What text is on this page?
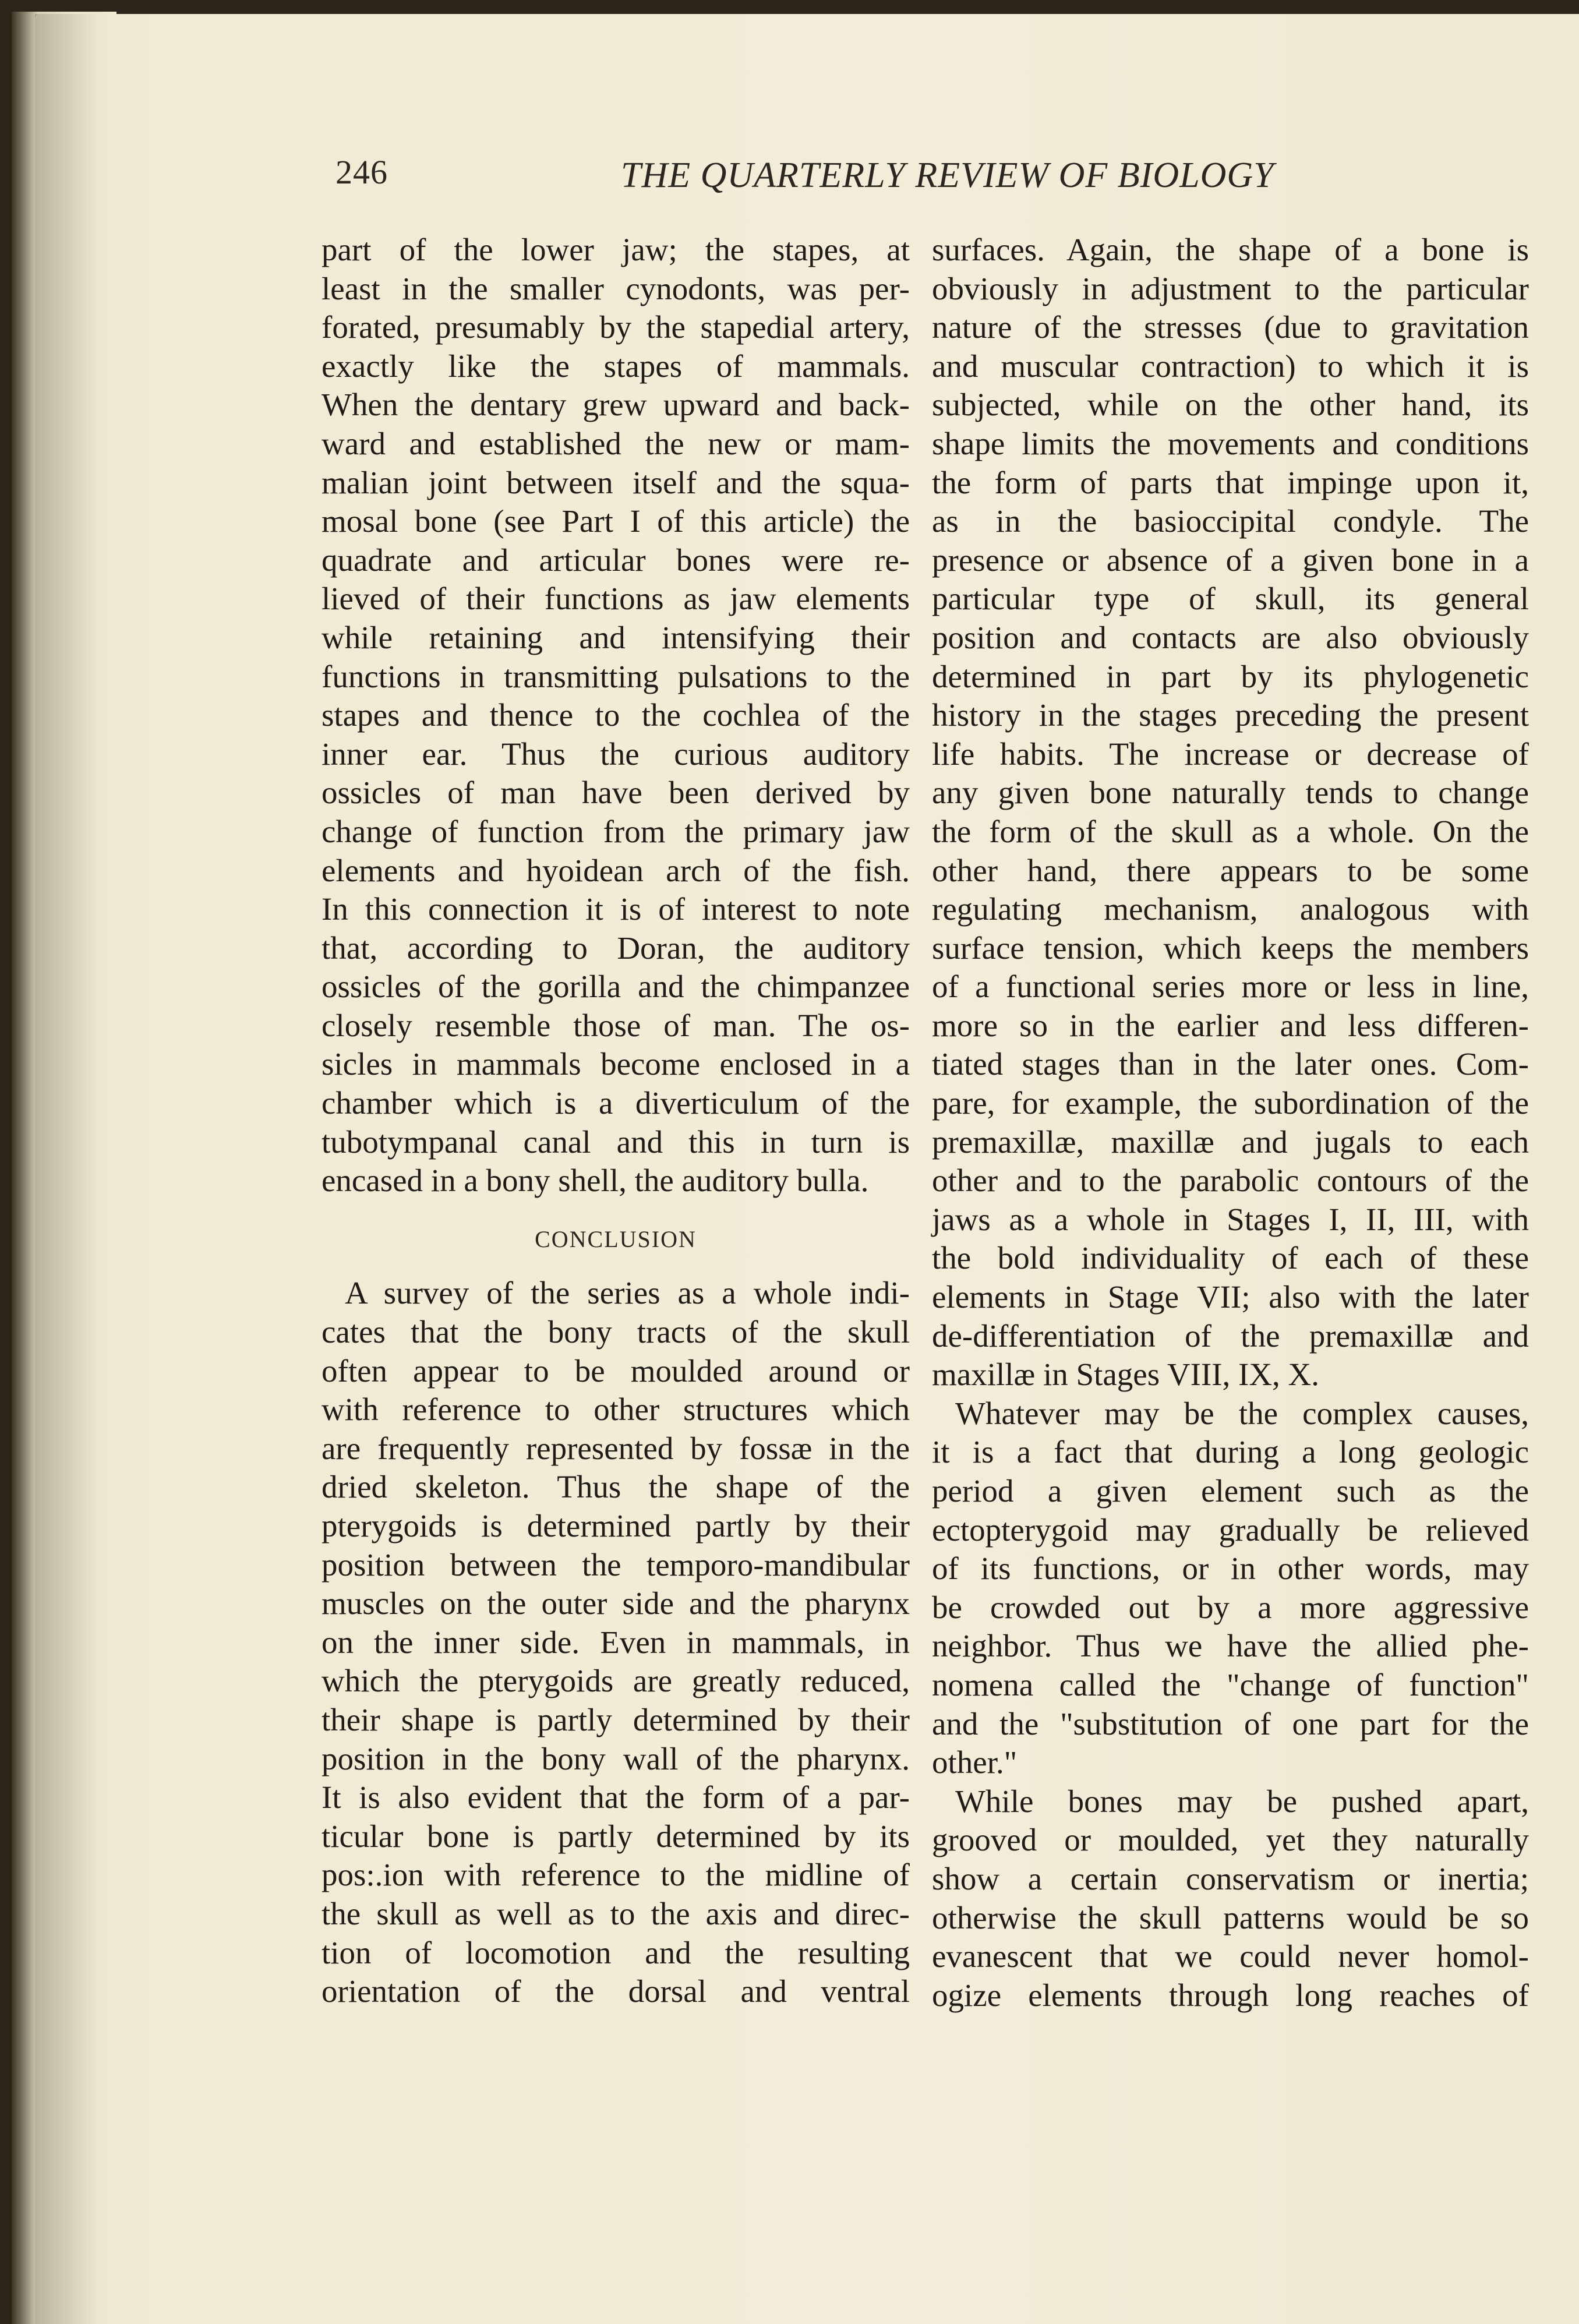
246	THE QUARTERLY REVIEW OF BIOLOGY
part of the lower jaw; the stapes, at
least in the smaller cynodonts, was per-
forated, presumably by the stapedial artery,
exactly like the stapes of mammals.
When the dentary grew upward and back-
ward and established the new or mam-
malian joint between itself and the squa-
mosal bone (see Part I of this article) the
quadrate and articular bones were re-
lieved of their functions as jaw elements
while retaining and intensifying their
functions in transmitting pulsations to the
stapes and thence to the cochlea of the
inner ear. Thus the curious auditory
ossicles of man have been derived by
change of function from the primary jaw
elements and hyoidean arch of the fish.
In this connection it is of interest to note
that, according to Doran, the auditory
ossicles of the gorilla and the chimpanzee
closely resemble those of man. The os-
sicles in mammals become enclosed in a
chamber which is a diverticulum of the
tubotympanal canal and this in turn is
encased in a bony shell, the auditory bulla.
CONCLUSION
A survey of the series as a whole indi-
cates that the bony tracts of the skull
often appear to be moulded around or
with reference to other structures which
are frequently represented by fossæ in the
dried skeleton. Thus the shape of the
pterygoids is determined partly by their
position between the temporo-mandibular
muscles on the outer side and the pharynx
on the inner side. Even in mammals, in
which the pterygoids are greatly reduced,
their shape is partly determined by their
position in the bony wall of the pharynx.
It is also evident that the form of a par-
ticular bone is partly determined by its
pos:.ion with reference to the midline of
the skull as well as to the axis and direc-
tion of locomotion and the resulting
orientation of the dorsal and ventral
surfaces. Again, the shape of a bone is
obviously in adjustment to the particular
nature of the stresses (due to gravitation
and muscular contraction) to which it is
subjected, while on the other hand, its
shape limits the movements and conditions
the form of parts that impinge upon it,
as in the basioccipital condyle. The
presence or absence of a given bone in a
particular type of skull, its general
position and contacts are also obviously
determined in part by its phylogenetic
history in the stages preceding the present
life habits. The increase or decrease of
any given bone naturally tends to change
the form of the skull as a whole. On the
other hand, there appears to be some
regulating mechanism, analogous with
surface tension, which keeps the members
of a functional series more or less in line,
more so in the earlier and less differen-
tiated stages than in the later ones. Com-
pare, for example, the subordination of the
premaxillæ, maxillæ and jugals to each
other and to the parabolic contours of the
jaws as a whole in Stages I, II, III, with
the bold individuality of each of these
elements in Stage VII; also with the later
de-differentiation of the premaxillæ and
maxillæ in Stages VIII, IX, X.
Whatever may be the complex causes,
it is a fact that during a long geologic
period a given element such as the
ectopterygoid may gradually be relieved
of its functions, or in other words, may
be crowded out by a more aggressive
neighbor. Thus we have the allied phe-
nomena called the "change of function"
and the "substitution of one part for the
other."
While bones may be pushed apart,
grooved or moulded, yet they naturally
show a certain conservatism or inertia;
otherwise the skull patterns would be so
evanescent that we could never homol-
ogize elements through long reaches of
